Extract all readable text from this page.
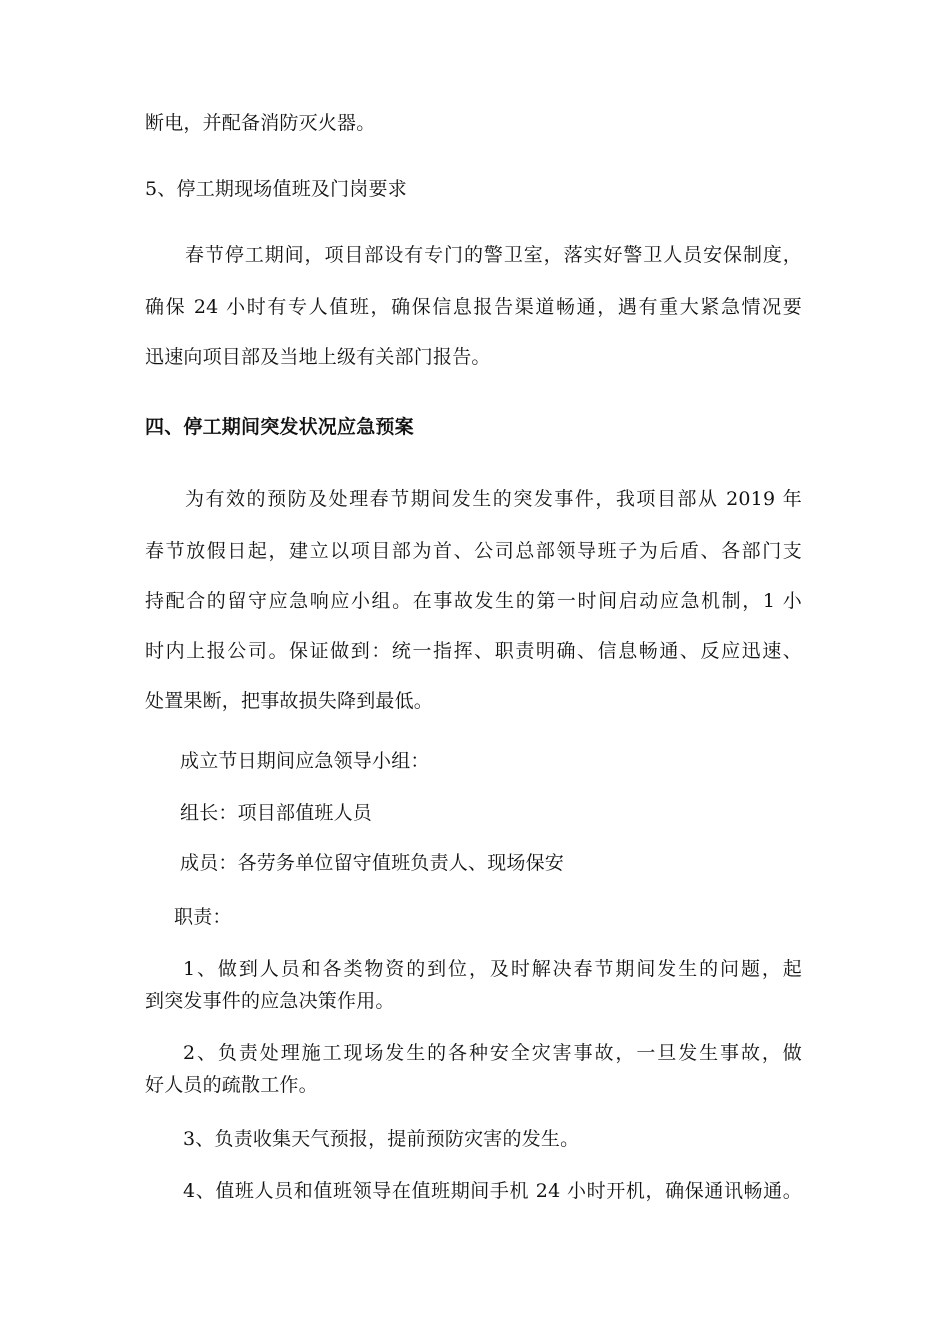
断电，并配备消防灭火器。
5、停工期现场值班及门岗要求
春节停工期间，项目部设有专门的警卫室，落实好警卫人员安保制度，
确保 24 小时有专人值班，确保信息报告渠道畅通，遇有重大紧急情况要
迅速向项目部及当地上级有关部门报告。
四、停工期间突发状况应急预案
为有效的预防及处理春节期间发生的突发事件，我项目部从 2019 年
春节放假日起，建立以项目部为首、公司总部领导班子为后盾、各部门支
持配合的留守应急响应小组。在事故发生的第一时间启动应急机制，1 小
时内上报公司。保证做到：统一指挥、职责明确、信息畅通、反应迅速、
处置果断，把事故损失降到最低。
成立节日期间应急领导小组：
组长：项目部值班人员
成员：各劳务单位留守值班负责人、现场保安
职责：
1、做到人员和各类物资的到位，及时解决春节期间发生的问题，起
到突发事件的应急决策作用。
2、负责处理施工现场发生的各种安全灾害事故，一旦发生事故，做
好人员的疏散工作。
3、负责收集天气预报，提前预防灾害的发生。
4、值班人员和值班领导在值班期间手机 24 小时开机，确保通讯畅通。
